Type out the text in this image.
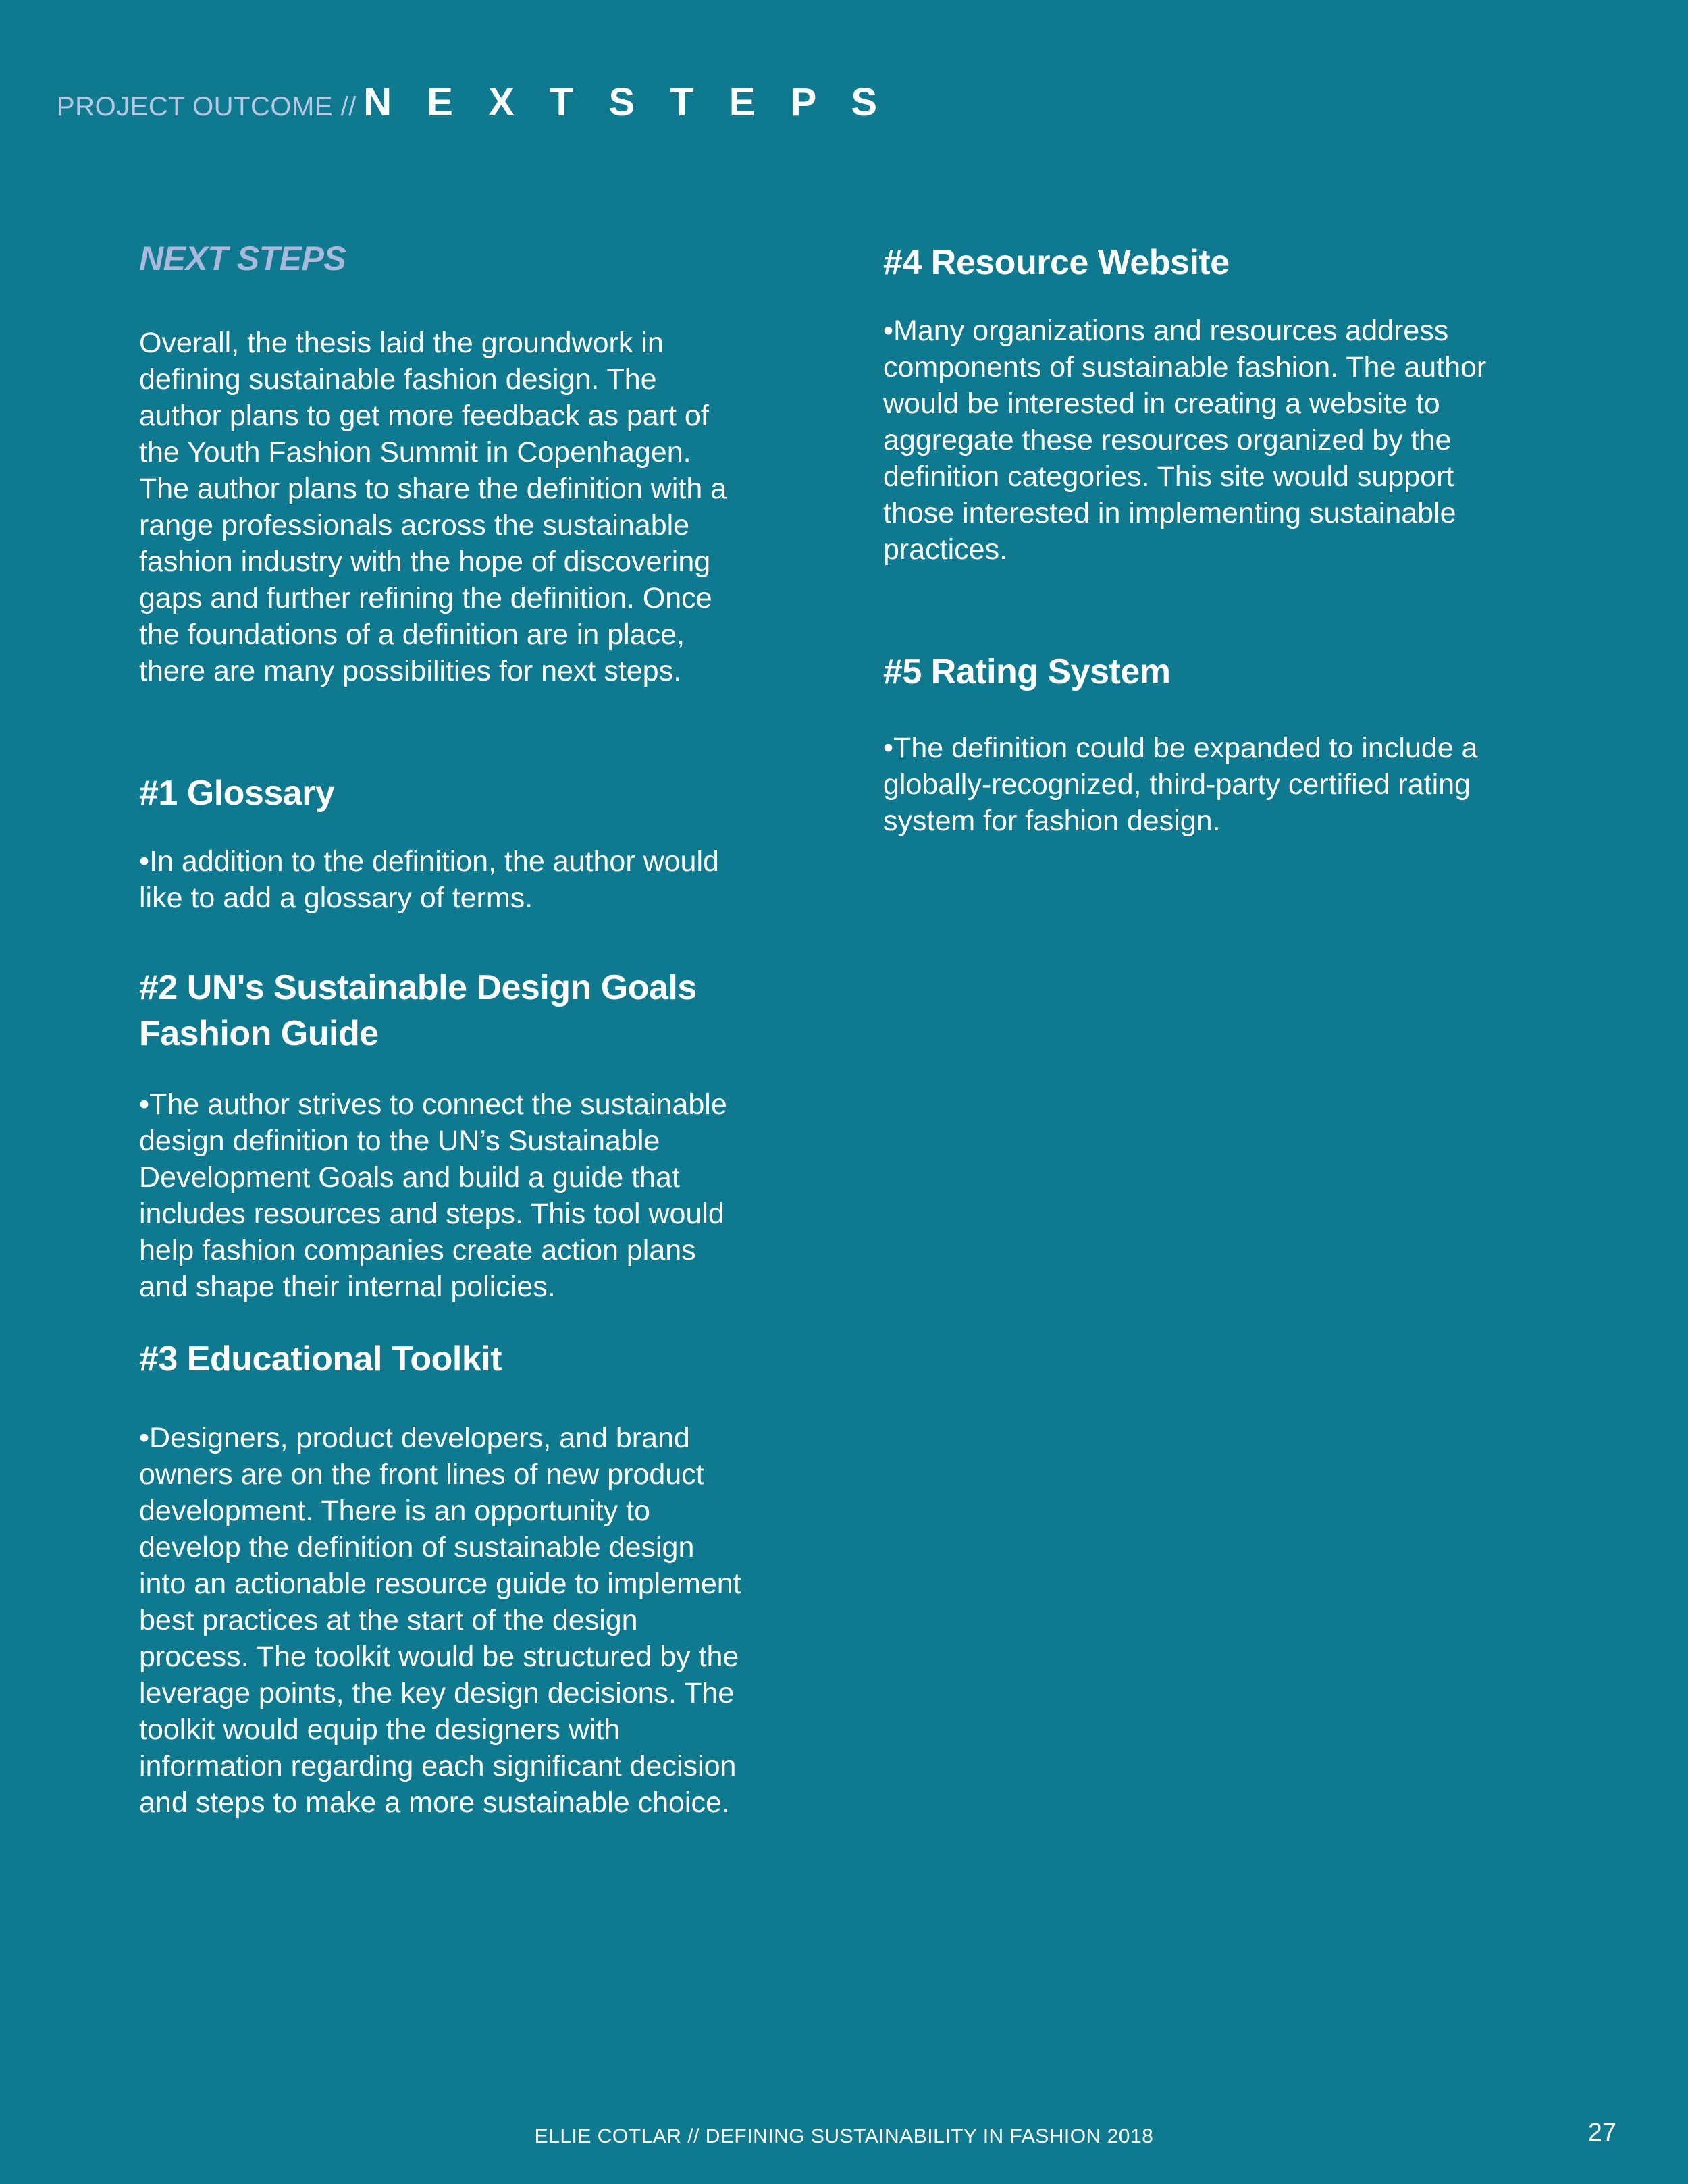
PROJECT OUTCOME // N E X T S T E P S
NEXT STEPS

Overall, the thesis laid the groundwork in defining sustainable fashion design. The author plans to get more feedback as part of the Youth Fashion Summit in Copenhagen. The author plans to share the definition with a range professionals across the sustainable fashion industry with the hope of discovering gaps and further refining the definition. Once the foundations of a definition are in place, there are many possibilities for next steps.

#1 Glossary

•In addition to the definition, the author would like to add a glossary of terms.

#2 UN's Sustainable Design Goals Fashion Guide

•The author strives to connect the sustainable design definition to the UN’s Sustainable Development Goals and build a guide that includes resources and steps. This tool would help fashion companies create action plans and shape their internal policies.

#3 Educational Toolkit

•Designers, product developers, and brand owners are on the front lines of new product development. There is an opportunity to develop the definition of sustainable design into an actionable resource guide to implement best practices at the start of the design process. The toolkit would be structured by the leverage points, the key design decisions. The toolkit would equip the designers with information regarding each significant decision and steps to make a more sustainable choice.

#4 Resource Website

•Many organizations and resources address components of sustainable fashion. The author would be interested in creating a website to aggregate these resources organized by the definition categories. This site would support those interested in implementing sustainable practices.

#5 Rating System

•The definition could be expanded to include a globally-recognized, third-party certified rating system for fashion design.

ELLIE COTLAR // DEFINING SUSTAINABILITY IN FASHION 2018	27
